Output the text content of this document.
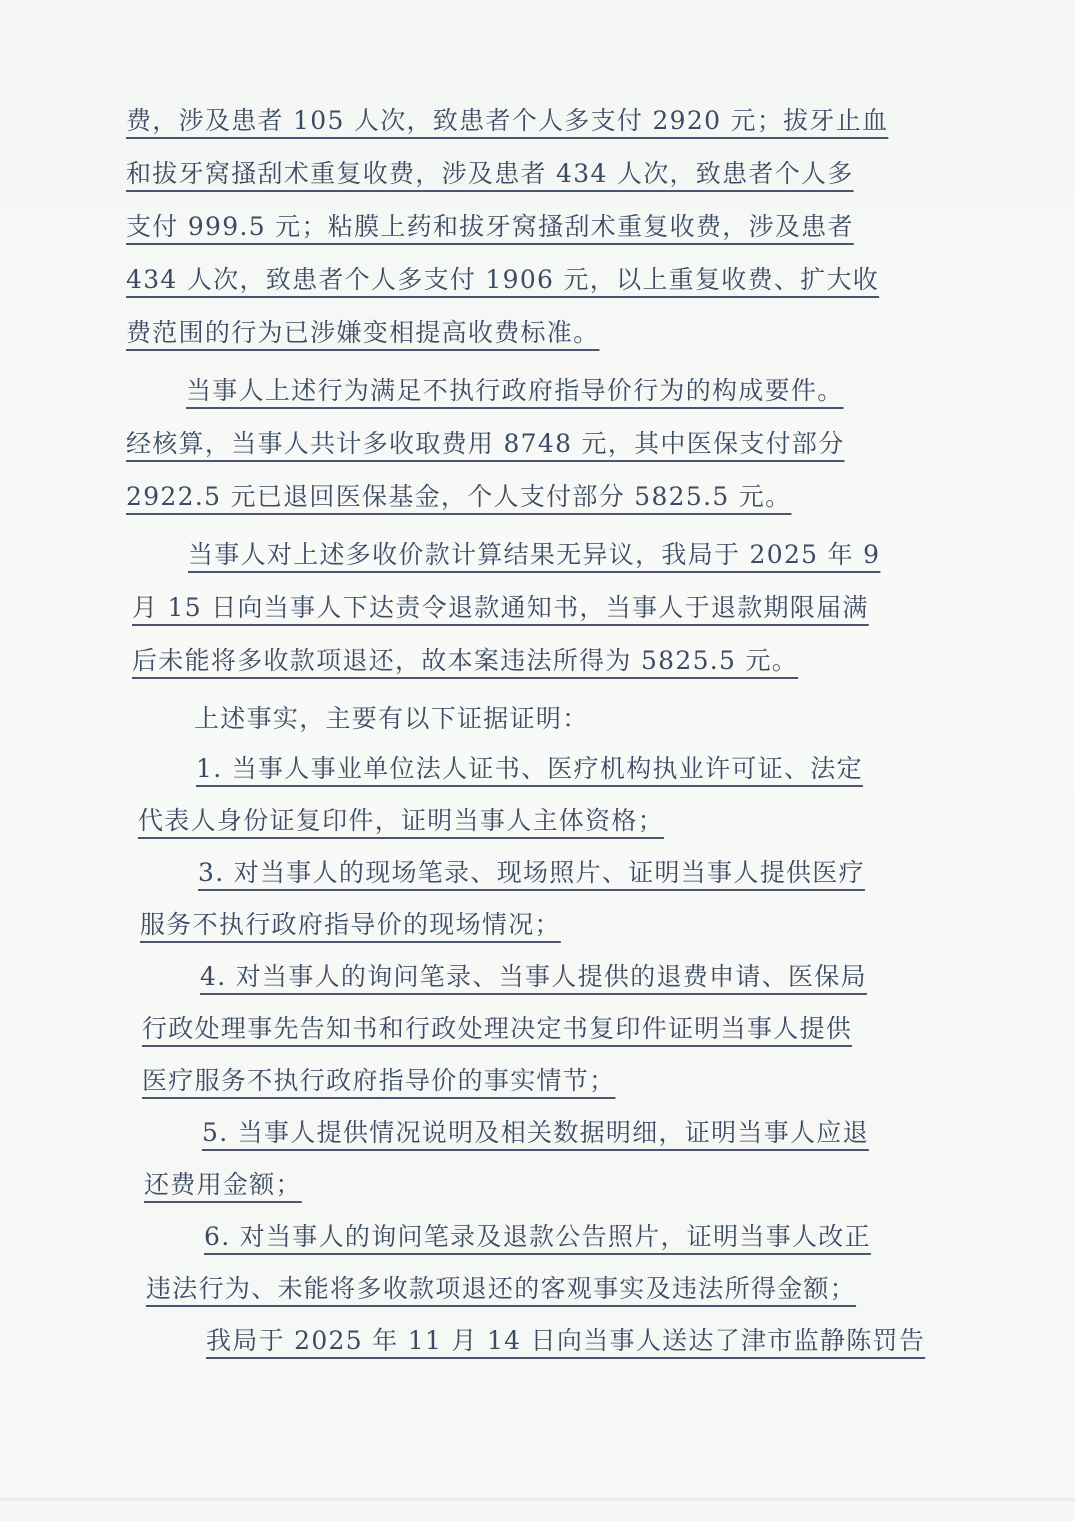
费，涉及患者 105 人次，致患者个人多支付 2920 元；拔牙止血
和拔牙窝搔刮术重复收费，涉及患者 434 人次，致患者个人多
支付 999.5 元；粘膜上药和拔牙窝搔刮术重复收费，涉及患者
434 人次，致患者个人多支付 1906 元，以上重复收费、扩大收
费范围的行为已涉嫌变相提高收费标准。
当事人上述行为满足不执行政府指导价行为的构成要件。
经核算，当事人共计多收取费用 8748 元，其中医保支付部分
2922.5 元已退回医保基金，个人支付部分 5825.5 元。
当事人对上述多收价款计算结果无异议，我局于 2025 年 9
月 15 日向当事人下达责令退款通知书，当事人于退款期限届满
后未能将多收款项退还，故本案违法所得为 5825.5 元。
上述事实，主要有以下证据证明：
1. 当事人事业单位法人证书、医疗机构执业许可证、法定
代表人身份证复印件，证明当事人主体资格；
3. 对当事人的现场笔录、现场照片、证明当事人提供医疗
服务不执行政府指导价的现场情况；
4. 对当事人的询问笔录、当事人提供的退费申请、医保局
行政处理事先告知书和行政处理决定书复印件证明当事人提供
医疗服务不执行政府指导价的事实情节；
5. 当事人提供情况说明及相关数据明细，证明当事人应退
还费用金额；
6. 对当事人的询问笔录及退款公告照片，证明当事人改正
违法行为、未能将多收款项退还的客观事实及违法所得金额；
我局于 2025 年 11 月 14 日向当事人送达了津市监静陈罚告
